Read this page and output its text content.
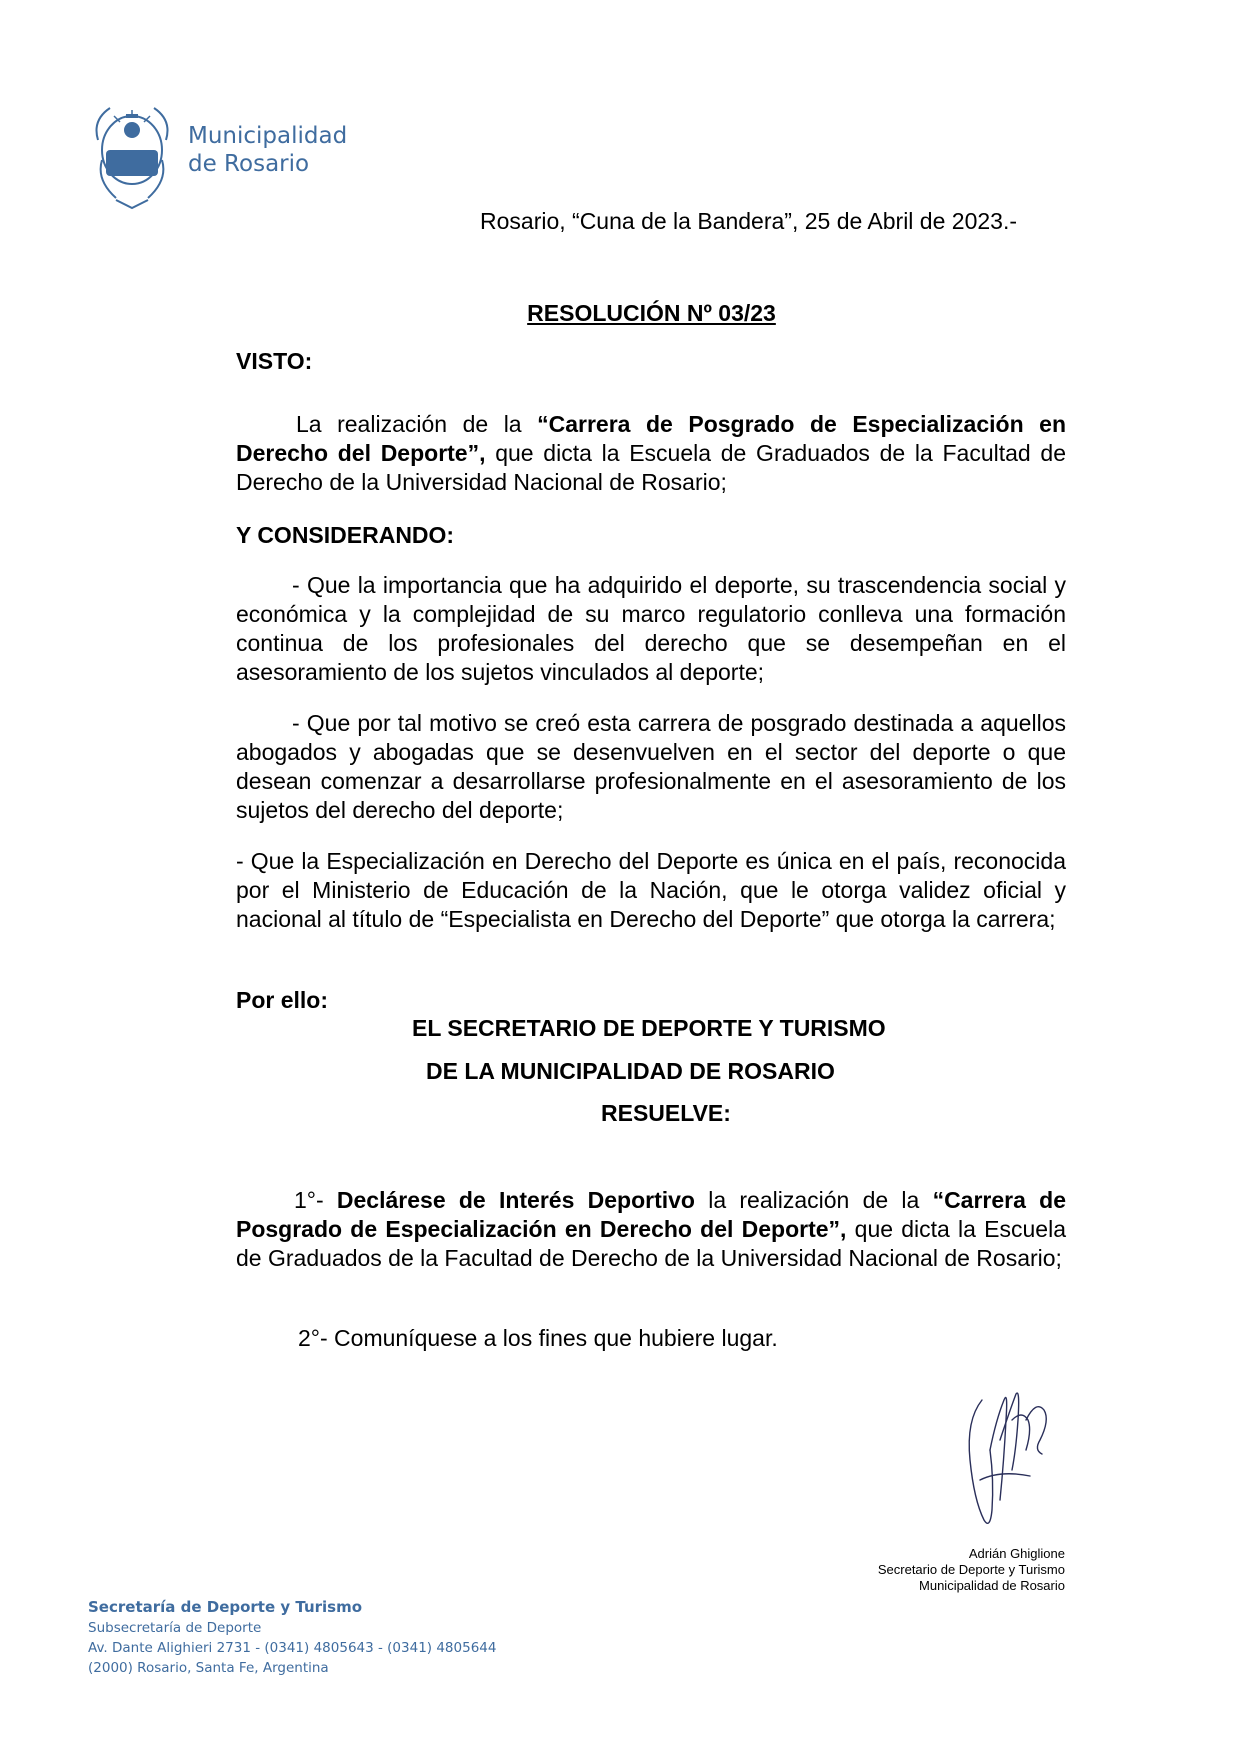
Municipalidad
de Rosario
Rosario, “Cuna de la Bandera”, 25 de Abril de 2023.-
RESOLUCIÓN Nº 03/23
VISTO:
La realización de la “Carrera de Posgrado de Especialización en Derecho del Deporte”, que dicta la Escuela de Graduados de la Facultad de Derecho de la Universidad Nacional de Rosario;
Y CONSIDERANDO:
- Que la importancia que ha adquirido el deporte, su trascendencia social y económica y la complejidad de su marco regulatorio conlleva una formación continua de los profesionales del derecho que se desempeñan en el asesoramiento de los sujetos vinculados al deporte;
- Que por tal motivo se creó esta carrera de posgrado destinada a aquellos abogados y abogadas que se desenvuelven en el sector del deporte o que desean comenzar a desarrollarse profesionalmente en el asesoramiento de los sujetos del derecho del deporte;
- Que la Especialización en Derecho del Deporte es única en el país, reconocida por el Ministerio de Educación de la Nación, que le otorga validez oficial y nacional al título de “Especialista en Derecho del Deporte” que otorga la carrera;
Por ello:
EL SECRETARIO DE DEPORTE Y TURISMO
DE LA MUNICIPALIDAD DE ROSARIO
RESUELVE:
1°- Declárese de Interés Deportivo la realización de la “Carrera de Posgrado de Especialización en Derecho del Deporte”, que dicta la Escuela de Graduados de la Facultad de Derecho de la Universidad Nacional de Rosario;
2°- Comuníquese a los fines que hubiere lugar.
Adrián Ghiglione
Secretario de Deporte y Turismo
Municipalidad de Rosario
Secretaría de Deporte y Turismo
Subsecretaría de Deporte
Av. Dante Alighieri 2731 - (0341) 4805643 - (0341) 4805644
(2000) Rosario, Santa Fe, Argentina
